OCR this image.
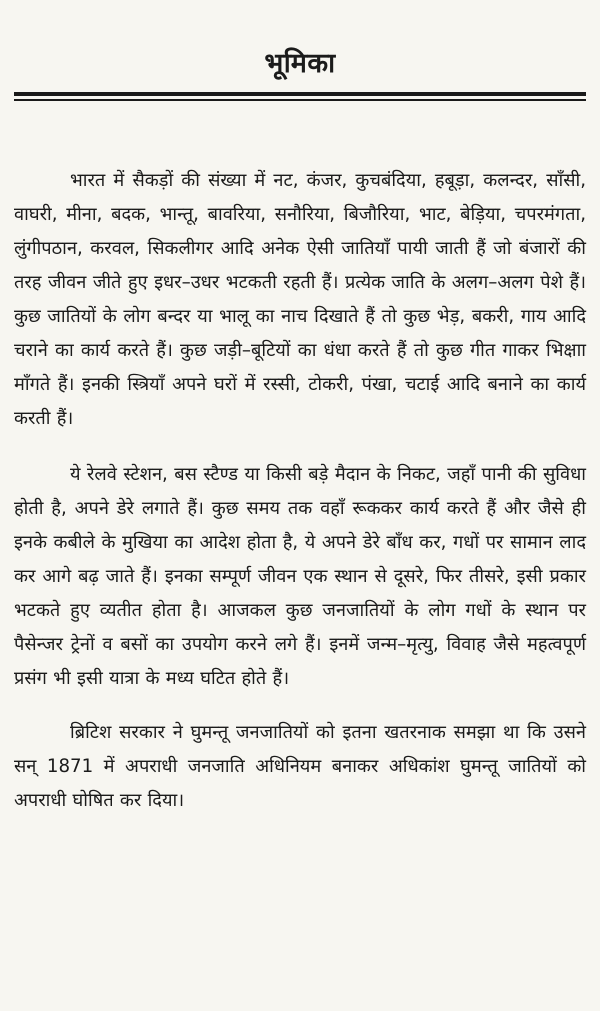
भूमिका

भारत में सैकड़ों की संख्या में नट, कंजर, कुचबंदिया, हबूड़ा, कलन्दर, साँसी, वाघरी, मीना, बदक, भान्तू, बावरिया, सनौरिया, बिजौरिया, भाट, बेड़िया, चपरमंगता, लुंगीपठान, करवल, सिकलीगर आदि अनेक ऐसी जातियाँ पायी जाती हैं जो बंजारों की तरह जीवन जीते हुए इधर–उधर भटकती रहती हैं। प्रत्येक जाति के अलग–अलग पेशे हैं। कुछ जातियों के लोग बन्दर या भालू का नाच दिखाते हैं तो कुछ भेड़, बकरी, गाय आदि चराने का कार्य करते हैं। कुछ जड़ी–बूटियों का धंधा करते हैं तो कुछ गीत गाकर भिक्षाा माँगते हैं। इनकी स्त्रियाँ अपने घरों में रस्सी, टोकरी, पंखा, चटाई आदि बनाने का कार्य करती हैं।

ये रेलवे स्टेशन, बस स्टैण्ड या किसी बड़े मैदान के निकट, जहाँ पानी की सुविधा होती है, अपने डेरे लगाते हैं। कुछ समय तक वहाँ रूककर कार्य करते हैं और जैसे ही इनके कबीले के मुखिया का आदेश होता है, ये अपने डेरे बाँध कर, गधों पर सामान लाद कर आगे बढ़ जाते हैं। इनका सम्पूर्ण जीवन एक स्थान से दूसरे, फिर तीसरे, इसी प्रकार भटकते हुए व्यतीत होता है। आजकल कुछ जनजातियों के लोग गधों के स्थान पर पैसेन्जर ट्रेनों व बसों का उपयोग करने लगे हैं। इनमें जन्म–मृत्यु, विवाह जैसे महत्वपूर्ण प्रसंग भी इसी यात्रा के मध्य घटित होते हैं।

ब्रिटिश सरकार ने घुमन्तू जनजातियों को इतना खतरनाक समझा था कि उसने सन् 1871 में अपराधी जनजाति अधिनियम बनाकर अधिकांश घुमन्तू जातियों को अपराधी घोषित कर दिया।
